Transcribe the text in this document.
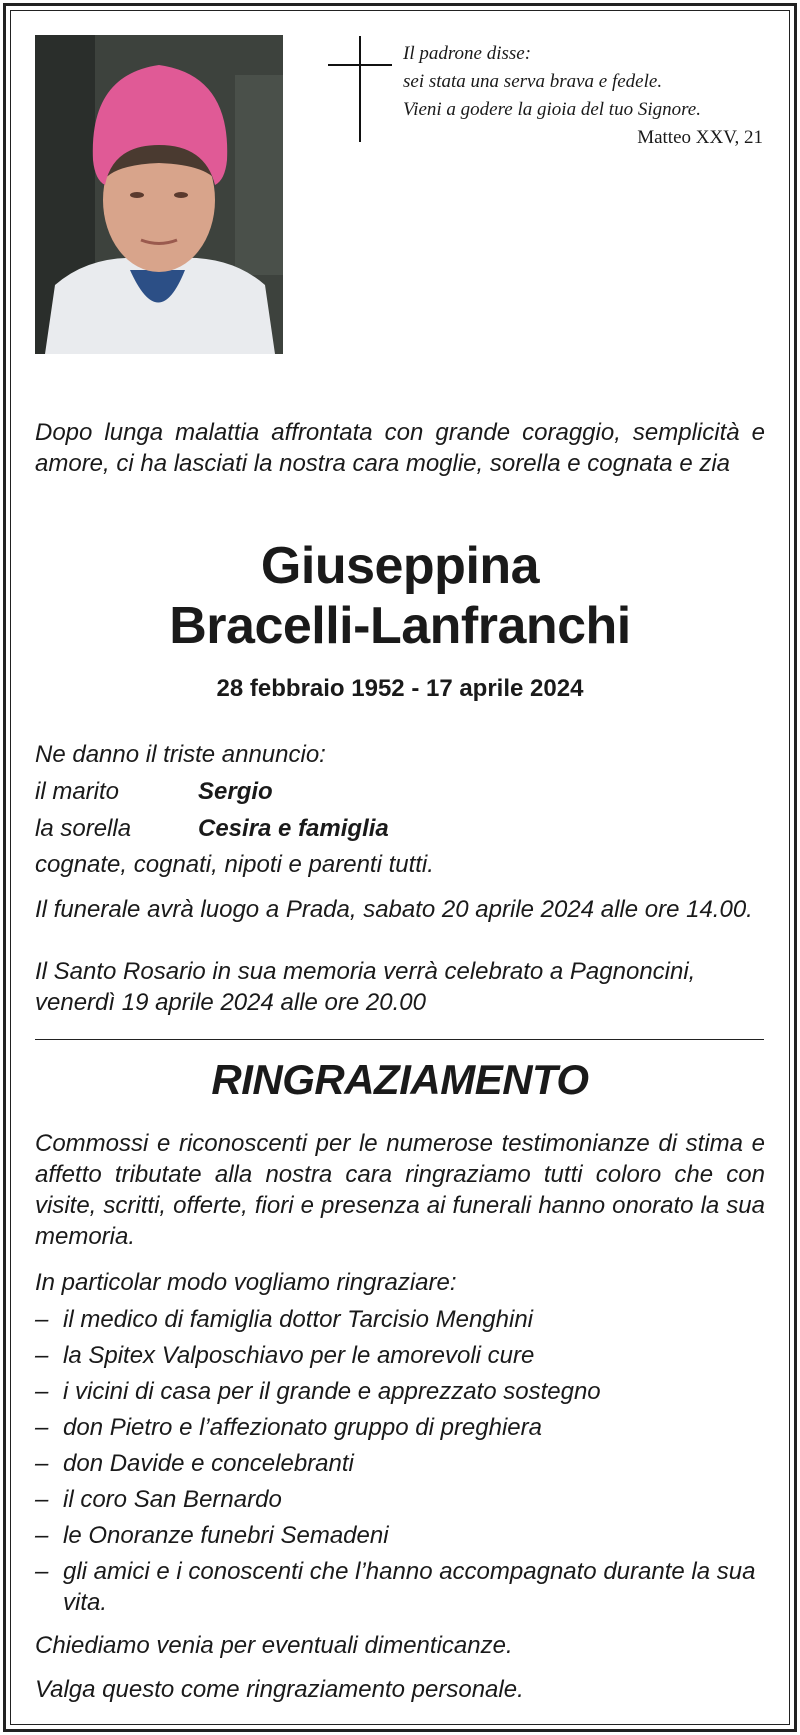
Il padrone disse:
sei stata una serva brava e fedele.
Vieni a godere la gioia del tuo Signore.
Matteo XXV, 21
Dopo lunga malattia affrontata con grande coraggio, semplicità e amore, ci ha lasciati la nostra cara moglie, sorella e cognata e zia
Giuseppina
Bracelli-Lanfranchi
28 febbraio 1952 - 17 aprile 2024
Ne danno il triste annuncio:
il marito	Sergio
la sorella	Cesira e famiglia
cognate, cognati, nipoti e parenti tutti.
Il funerale avrà luogo a Prada, sabato 20 aprile 2024 alle ore 14.00.
Il Santo Rosario in sua memoria verrà celebrato a Pagnoncini, venerdì 19 aprile 2024 alle ore 20.00
RINGRAZIAMENTO
Commossi e riconoscenti per le numerose testimonianze di stima e affetto tributate alla nostra cara ringraziamo tutti coloro che con visite, scritti, offerte, fiori e presenza ai funerali hanno onorato la sua memoria.
In particolar modo vogliamo ringraziare:
– il medico di famiglia dottor Tarcisio Menghini
– la Spitex Valposchiavo per le amorevoli cure
– i vicini di casa per il grande e apprezzato sostegno
– don Pietro e l’affezionato gruppo di preghiera
– don Davide e concelebranti
– il coro San Bernardo
– le Onoranze funebri Semadeni
– gli amici e i conoscenti che l’hanno accompagnato durante la sua vita.
Chiediamo venia per eventuali dimenticanze.
Valga questo come ringraziamento personale.
